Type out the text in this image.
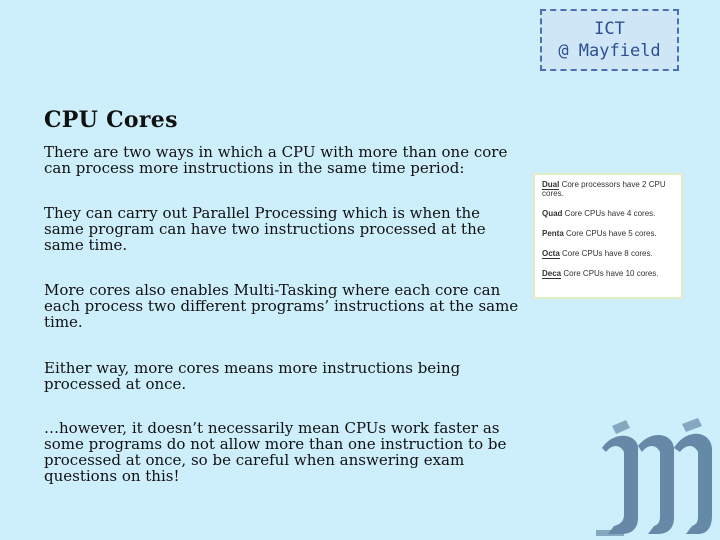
ICT
@ Mayfield
CPU Cores

There are two ways in which a CPU with more than one core can process more instructions in the same time period:

They can carry out Parallel Processing which is when the same program can have two instructions processed at the same time.

More cores also enables Multi-Tasking where each core can each process two different programs’ instructions at the same time.

Either way, more cores means more instructions being processed at once.

…however, it doesn’t necessarily mean CPUs work faster as some programs do not allow more than one instruction to be processed at once, so be careful when answering exam questions on this!

Dual Core processors have 2 CPU cores.

Quad Core CPUs have 4 cores.

Penta Core CPUs have 5 cores.

Octa Core CPUs have 8 cores.

Deca Core CPUs have 10 cores.
